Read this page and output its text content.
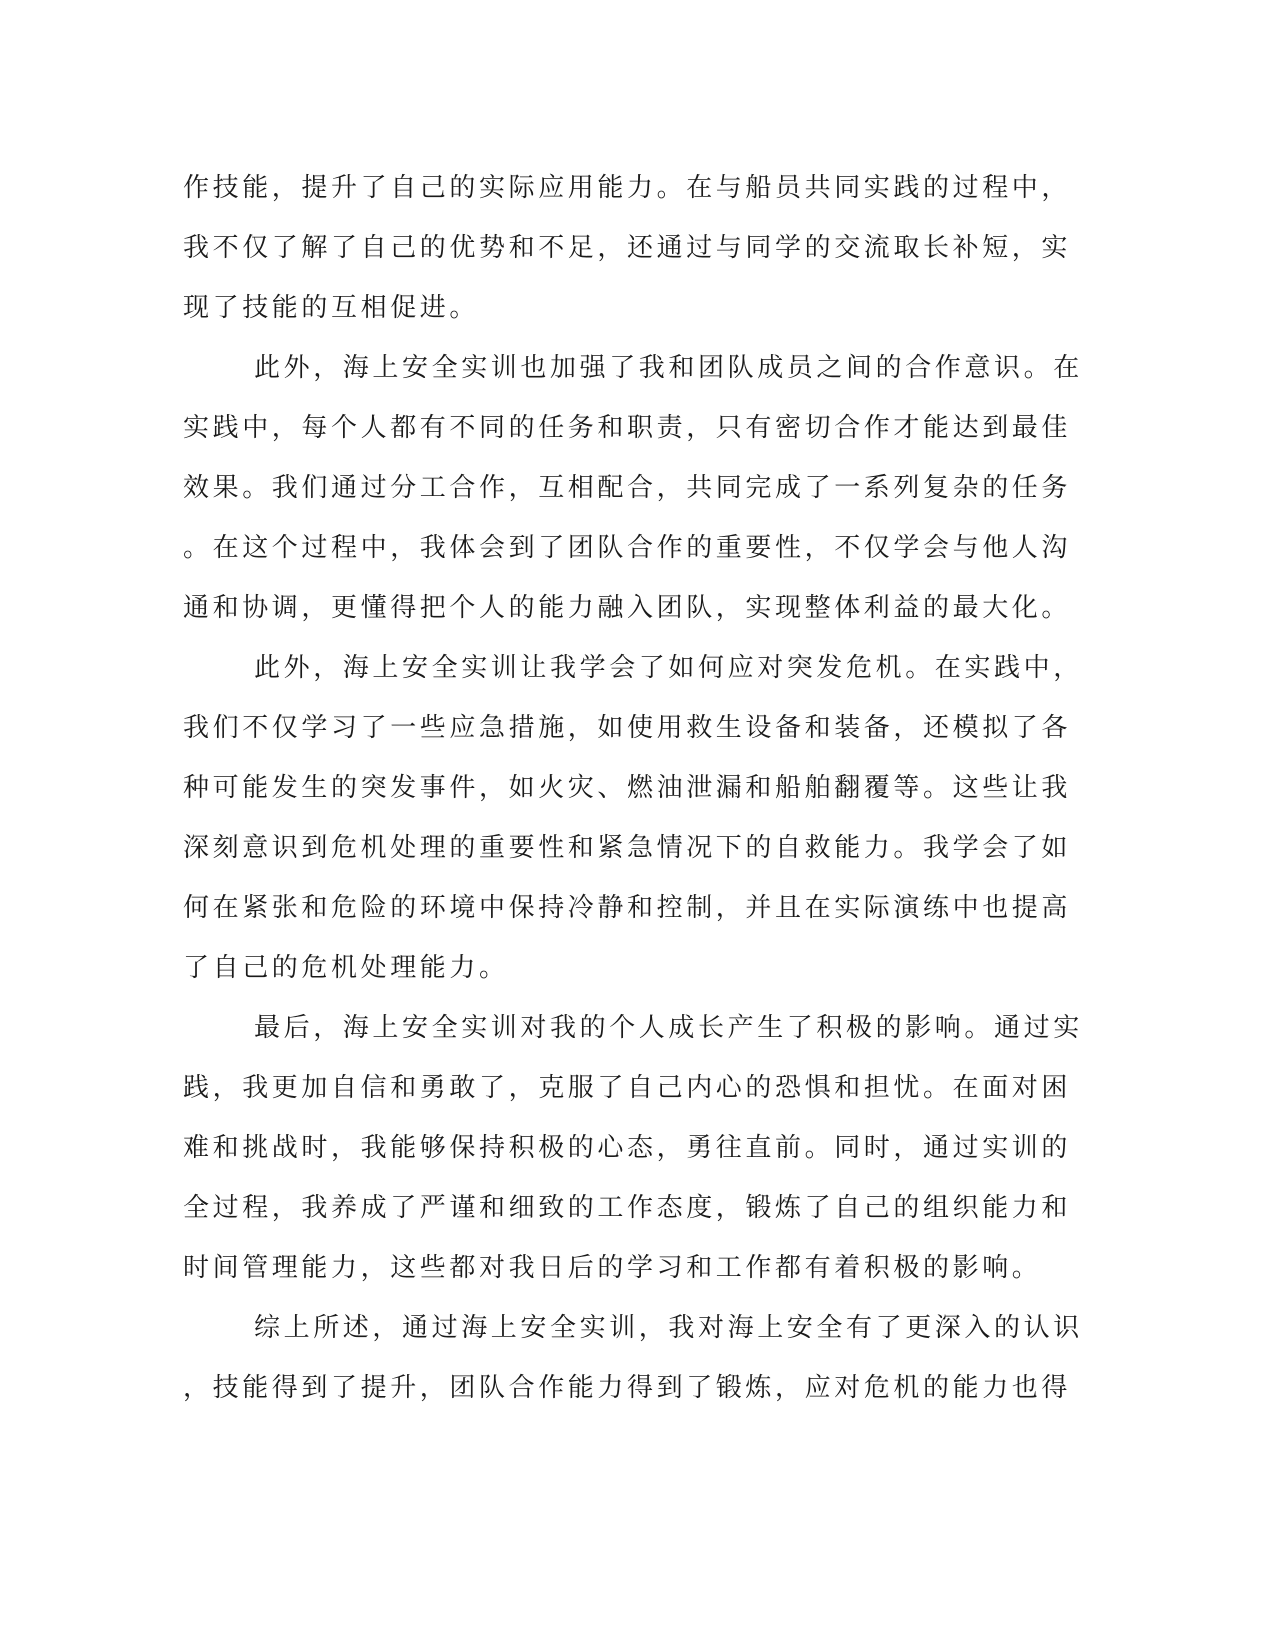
作技能，提升了自己的实际应用能力。在与船员共同实践的过程中，
我不仅了解了自己的优势和不足，还通过与同学的交流取长补短，实
现了技能的互相促进。
此外，海上安全实训也加强了我和团队成员之间的合作意识。在
实践中，每个人都有不同的任务和职责，只有密切合作才能达到最佳
效果。我们通过分工合作，互相配合，共同完成了一系列复杂的任务
。在这个过程中，我体会到了团队合作的重要性，不仅学会与他人沟
通和协调，更懂得把个人的能力融入团队，实现整体利益的最大化。
此外，海上安全实训让我学会了如何应对突发危机。在实践中，
我们不仅学习了一些应急措施，如使用救生设备和装备，还模拟了各
种可能发生的突发事件，如火灾、燃油泄漏和船舶翻覆等。这些让我
深刻意识到危机处理的重要性和紧急情况下的自救能力。我学会了如
何在紧张和危险的环境中保持冷静和控制，并且在实际演练中也提高
了自己的危机处理能力。
最后，海上安全实训对我的个人成长产生了积极的影响。通过实
践，我更加自信和勇敢了，克服了自己内心的恐惧和担忧。在面对困
难和挑战时，我能够保持积极的心态，勇往直前。同时，通过实训的
全过程，我养成了严谨和细致的工作态度，锻炼了自己的组织能力和
时间管理能力，这些都对我日后的学习和工作都有着积极的影响。
综上所述，通过海上安全实训，我对海上安全有了更深入的认识
，技能得到了提升，团队合作能力得到了锻炼，应对危机的能力也得
